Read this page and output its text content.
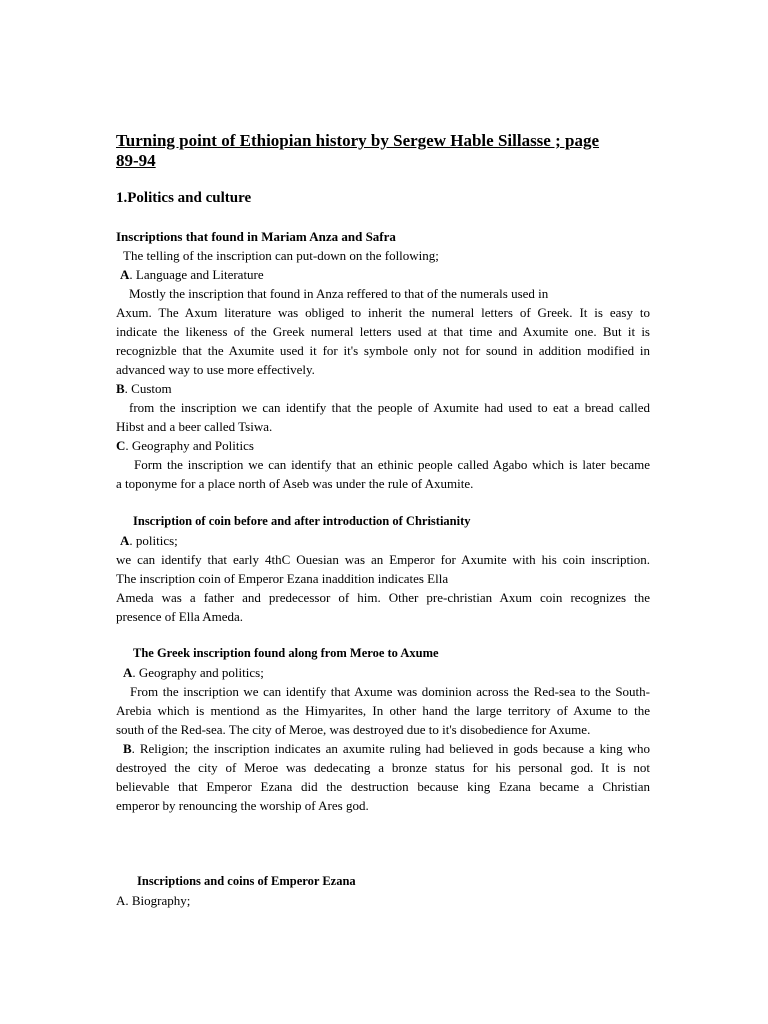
Turning point of Ethiopian history by Sergew Hable Sillasse ; page
89-94
1.Politics and culture
Inscriptions that found in Mariam Anza and Safra
The telling of the inscription can put-down on the following;
A. Language and Literature
Mostly the inscription that found in Anza reffered to that of the numerals used in
Axum. The Axum literature was obliged to inherit the numeral letters of Greek. It is easy to
indicate the likeness of the Greek numeral letters used at that time and Axumite one. But it is
recognizble that the Axumite used it for it's symbole only not for sound in addition modified in
advanced way to use more effectively.
B. Custom
from the inscription we can identify that the people of Axumite had used to eat a bread called
Hibst and a beer called Tsiwa.
C. Geography and Politics
Form the inscription we can identify that an ethinic people called Agabo which is later became
a toponyme for a place north of Aseb was under the rule of Axumite.
Inscription of coin before and after introduction of Christianity
A. politics;
we can identify that early 4thC Ouesian was an Emperor for Axumite with his coin inscription.
The inscription coin of Emperor Ezana inaddition indicates Ella
Ameda was a father and predecessor of him. Other pre-christian Axum coin recognizes the
presence of Ella Ameda.
The Greek inscription found along from Meroe to Axume
A. Geography and politics;
From the inscription we can identify that Axume was dominion across the Red-sea to the South-
Arebia which is mentiond as the Himyarites, In other hand the large territory of Axume to the
south of the Red-sea. The city of Meroe, was destroyed due to it's disobedience for Axume.
B. Religion; the inscription indicates an axumite ruling had believed in gods because a king who
destroyed the city of Meroe was dedecating a bronze status for his personal god. It is not
believable that Emperor Ezana did the destruction because king Ezana became a Christian
emperor by renouncing the worship of Ares god.
Inscriptions and coins of Emperor Ezana
A. Biography;
